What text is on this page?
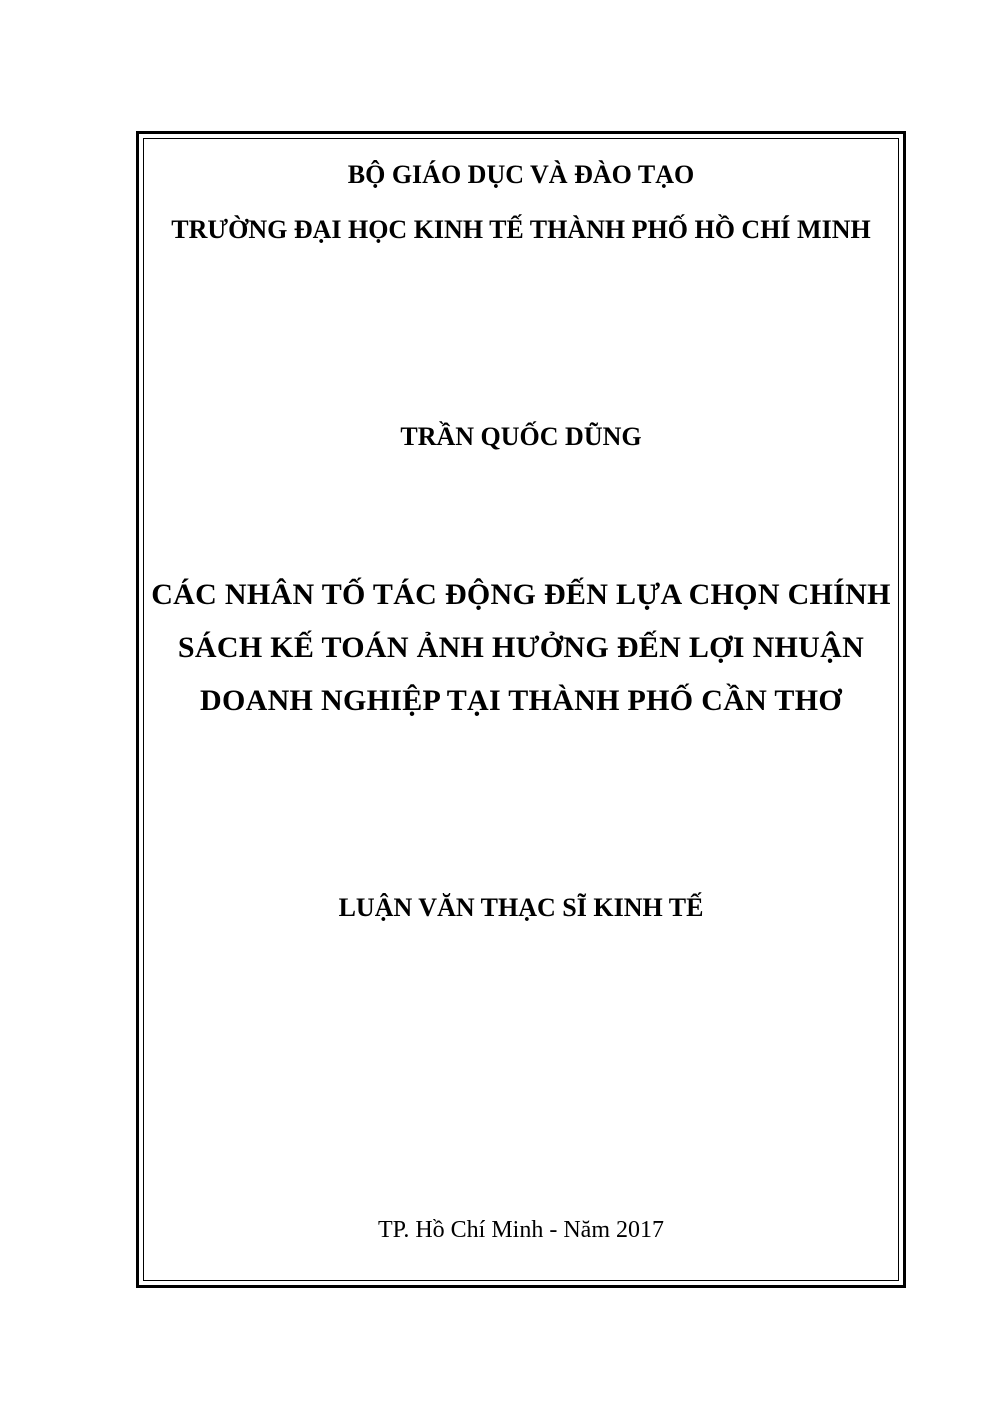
BỘ GIÁO DỤC VÀ ĐÀO TẠO
TRƯỜNG ĐẠI HỌC KINH TẾ THÀNH PHỐ HỒ CHÍ MINH
TRẦN QUỐC DŨNG
CÁC NHÂN TỐ TÁC ĐỘNG ĐẾN LỰA CHỌN CHÍNH
SÁCH KẾ TOÁN ẢNH HƯỞNG ĐẾN LỢI NHUẬN
DOANH NGHIỆP TẠI THÀNH PHỐ CẦN THƠ
LUẬN VĂN THẠC SĨ KINH TẾ
TP. Hồ Chí Minh - Năm 2017
